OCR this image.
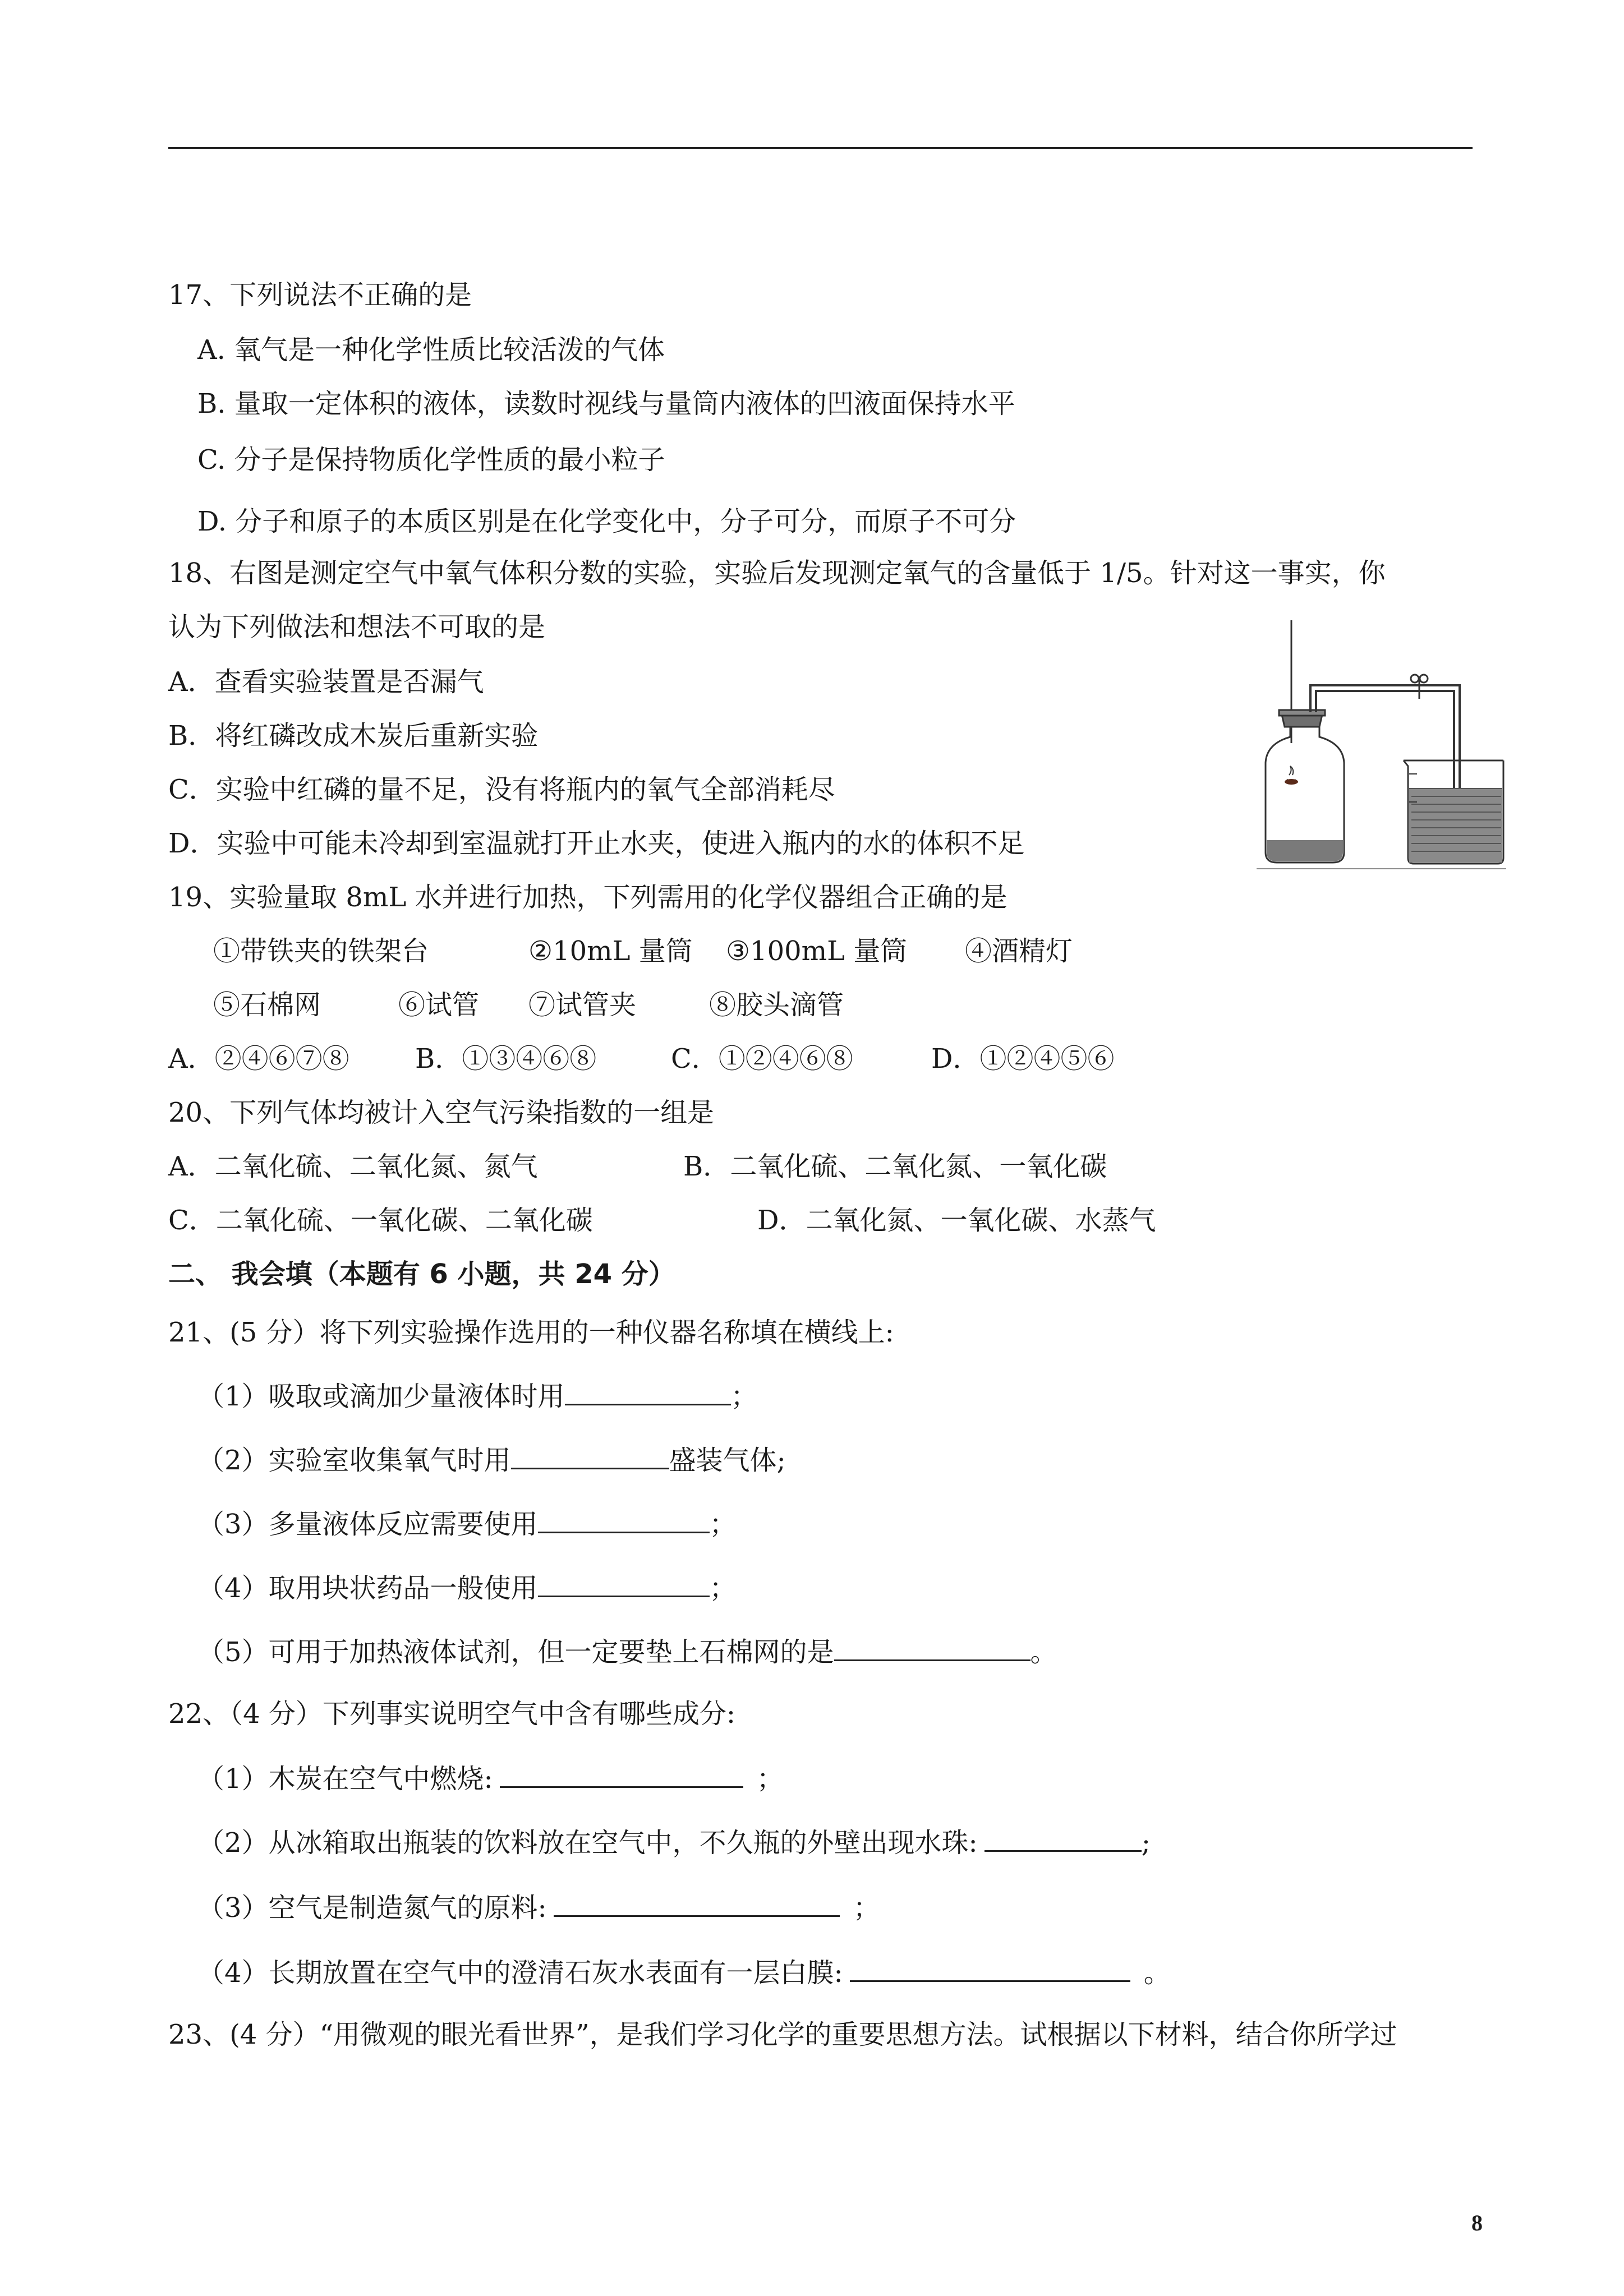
17、下列说法不正确的是
A. 氧气是一种化学性质比较活泼的气体
B. 量取一定体积的液体，读数时视线与量筒内液体的凹液面保持水平
C. 分子是保持物质化学性质的最小粒子
D. 分子和原子的本质区别是在化学变化中，分子可分，而原子不可分
18、右图是测定空气中氧气体积分数的实验，实验后发现测定氧气的含量低于 1/5。针对这一事实，你
认为下列做法和想法不可取的是
A．查看实验装置是否漏气
B．将红磷改成木炭后重新实验
C．实验中红磷的量不足，没有将瓶内的氧气全部消耗尽
D．实验中可能未冷却到室温就打开止水夹，使进入瓶内的水的体积不足
19、实验量取 8mL 水并进行加热，下列需用的化学仪器组合正确的是
①带铁夹的铁架台	②10mL 量筒 ③100mL 量筒 ④酒精灯
⑤石棉网	⑥试管 ⑦试管夹	⑧胶头滴管
A．②④⑥⑦⑧ B．①③④⑥⑧	C．①②④⑥⑧	D．①②④⑤⑥
20、下列气体均被计入空气污染指数的一组是
A．二氧化硫、二氧化氮、氮气	B．二氧化硫、二氧化氮、一氧化碳
C．二氧化硫、一氧化碳、二氧化碳	D．二氧化氮、一氧化碳、水蒸气
二、 我会填（本题有 6 小题，共 24 分）
21、(5 分）将下列实验操作选用的一种仪器名称填在横线上:
（1）吸取或滴加少量液体时用	；
（2）实验室收集氧气时用	盛装气体;
（3）多量液体反应需要使用	；
（4）取用块状药品一般使用	；
（5）可用于加热液体试剂，但一定要垫上石棉网的是	。
22、（4 分）下列事实说明空气中含有哪些成分:
（1）木炭在空气中燃烧:	；
（2）从冰箱取出瓶装的饮料放在空气中，不久瓶的外壁出现水珠:	;
（3）空气是制造氮气的原料:	；
（4）长期放置在空气中的澄清石灰水表面有一层白膜:	。
23、(4 分）“用微观的眼光看世界”，是我们学习化学的重要思想方法。试根据以下材料，结合你所学过
8
